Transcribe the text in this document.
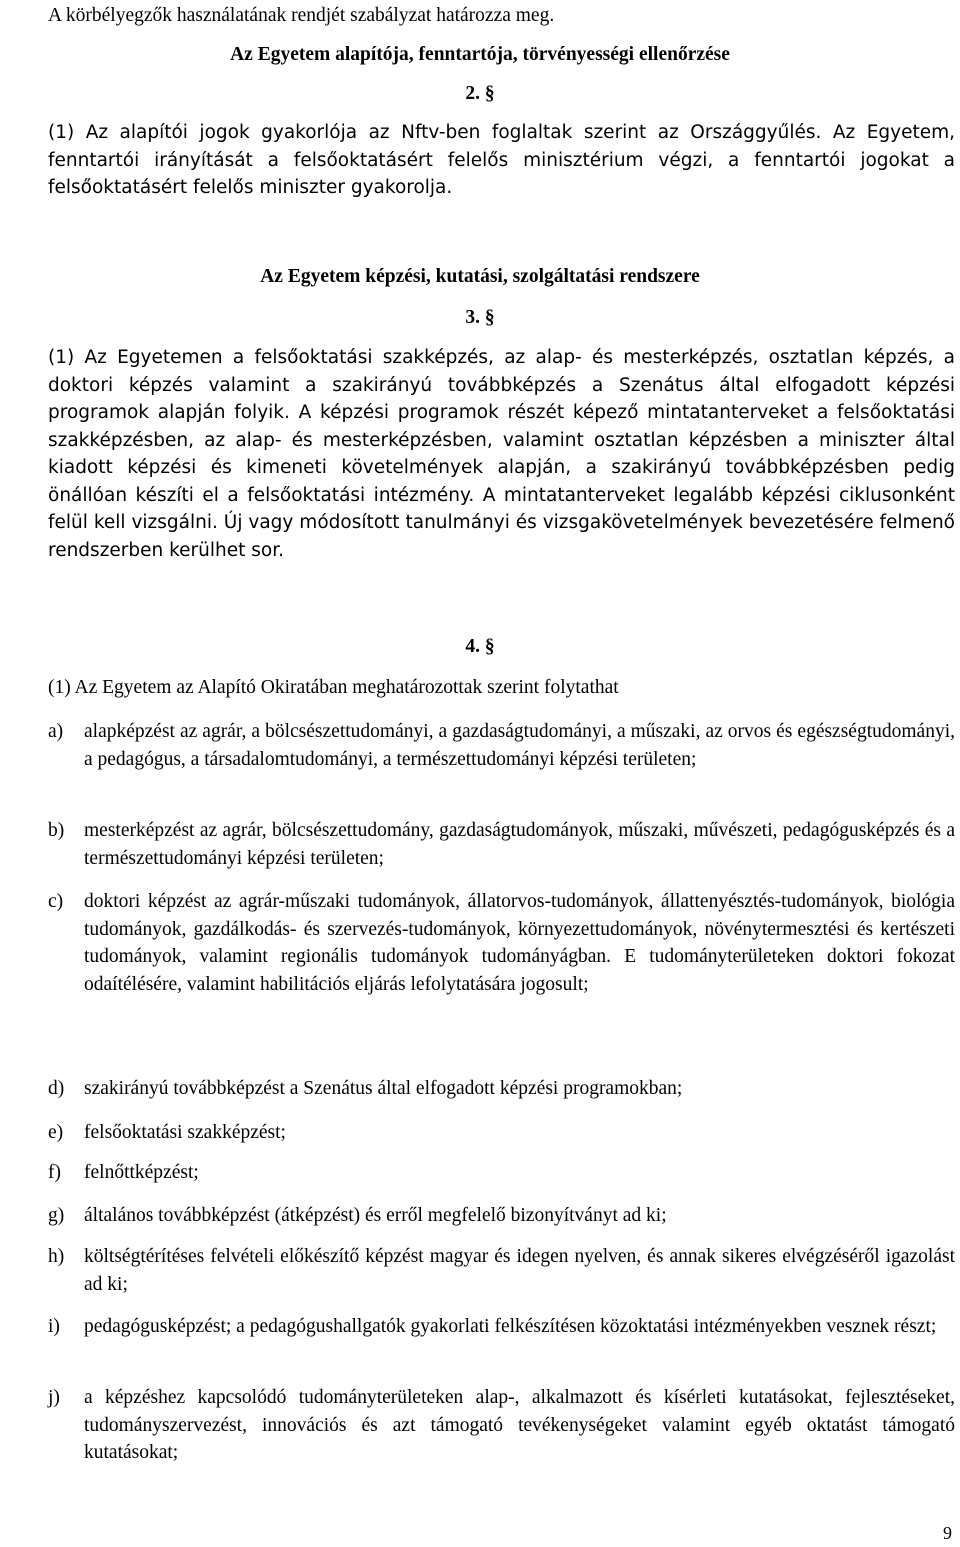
A körbélyegzők használatának rendjét szabályzat határozza meg.

Az Egyetem alapítója, fenntartója, törvényességi ellenőrzése

2. §

(1) Az alapítói jogok gyakorlója az Nftv-ben foglaltak szerint az Országgyűlés. Az Egyetem, fenntartói irányítását a felsőoktatásért felelős minisztérium végzi, a fenntartói jogokat a felsőoktatásért felelős miniszter gyakorolja.

Az Egyetem képzési, kutatási, szolgáltatási rendszere

3. §

(1) Az Egyetemen a felsőoktatási szakképzés, az alap- és mesterképzés, osztatlan képzés, a doktori képzés valamint a szakirányú továbbképzés a Szenátus által elfogadott képzési programok alapján folyik. A képzési programok részét képező mintatanterveket a felsőoktatási szakképzésben, az alap- és mesterképzésben, valamint osztatlan képzésben a miniszter által kiadott képzési és kimeneti követelmények alapján, a szakirányú továbbképzésben pedig önállóan készíti el a felsőoktatási intézmény. A mintatanterveket legalább képzési ciklusonként felül kell vizsgálni. Új vagy módosított tanulmányi és vizsgakövetelmények bevezetésére felmenő rendszerben kerülhet sor.

4. §

(1) Az Egyetem az Alapító Okiratában meghatározottak szerint folytathat

a)	alapképzést az agrár, a bölcsészettudományi, a gazdaságtudományi, a műszaki, az orvos és egészségtudományi, a pedagógus, a társadalomtudományi, a természettudományi képzési területen;
b)	mesterképzést az agrár, bölcsészettudomány, gazdaságtudományok, műszaki, művészeti, pedagógusképzés és a természettudományi képzési területen;
c)	doktori képzést az agrár-műszaki tudományok, állatorvos-tudományok, állattenyésztés-tudományok, biológia tudományok, gazdálkodás- és szervezés-tudományok, környezettudományok, növénytermesztési és kertészeti tudományok, valamint regionális tudományok tudományágban. E tudományterületeken doktori fokozat odaítélésére, valamint habilitációs eljárás lefolytatására jogosult;
d)	szakirányú továbbképzést a Szenátus által elfogadott képzési programokban;
e)	felsőoktatási szakképzést;
f)	felnőttképzést;
g)	általános továbbképzést (átképzést) és erről megfelelő bizonyítványt ad ki;
h)	költségtérítéses felvételi előkészítő képzést magyar és idegen nyelven, és annak sikeres elvégzéséről igazolást ad ki;
i)	pedagógusképzést; a pedagógushallgatók gyakorlati felkészítésen közoktatási intézményekben vesznek részt;
j)	a képzéshez kapcsolódó tudományterületeken alap-, alkalmazott és kísérleti kutatásokat, fejlesztéseket, tudományszervezést, innovációs és azt támogató tevékenységeket valamint egyéb oktatást támogató kutatásokat;
9
